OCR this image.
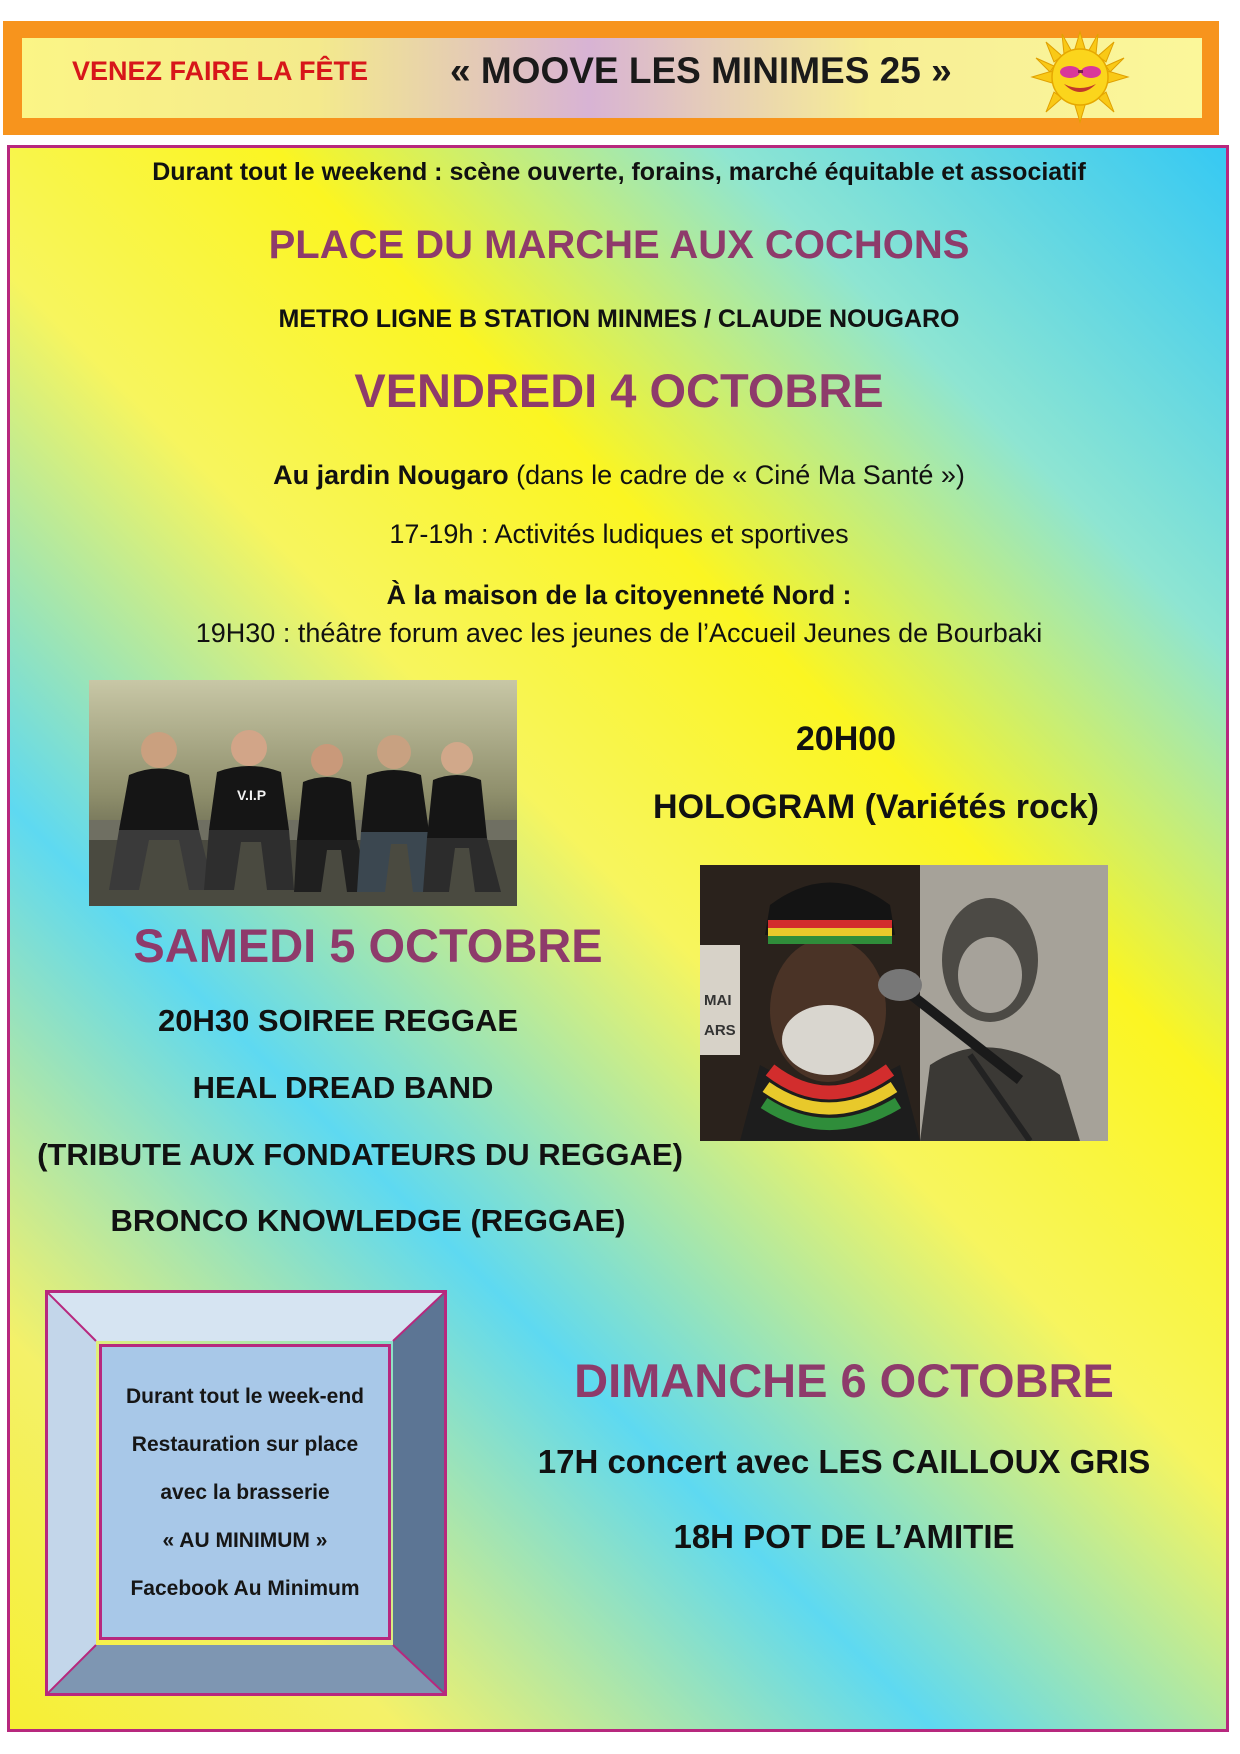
VENEZ FAIRE LA FÊTE « MOOVE LES MINIMES 25 »
Durant tout le weekend : scène ouverte, forains, marché équitable et associatif
PLACE DU MARCHE AUX COCHONS
METRO LIGNE B STATION MINMES / CLAUDE NOUGARO
VENDREDI 4 OCTOBRE
Au jardin Nougaro (dans le cadre de « Ciné Ma Santé »)
17-19h : Activités ludiques et sportives
À la maison de la citoyenneté Nord :
19H30 : théâtre forum avec les jeunes de l’Accueil Jeunes de Bourbaki
V.I.P
20H00
HOLOGRAM (Variétés rock)
MAI
ARS
SAMEDI 5 OCTOBRE
20H30 SOIREE REGGAE
HEAL DREAD BAND
(TRIBUTE AUX FONDATEURS DU REGGAE)
BRONCO KNOWLEDGE (REGGAE)
DIMANCHE 6 OCTOBRE
17H concert avec LES CAILLOUX GRIS
18H POT DE L’AMITIE
Durant tout le week-end
Restauration sur place
avec la brasserie
« AU MINIMUM »
Facebook Au Minimum
